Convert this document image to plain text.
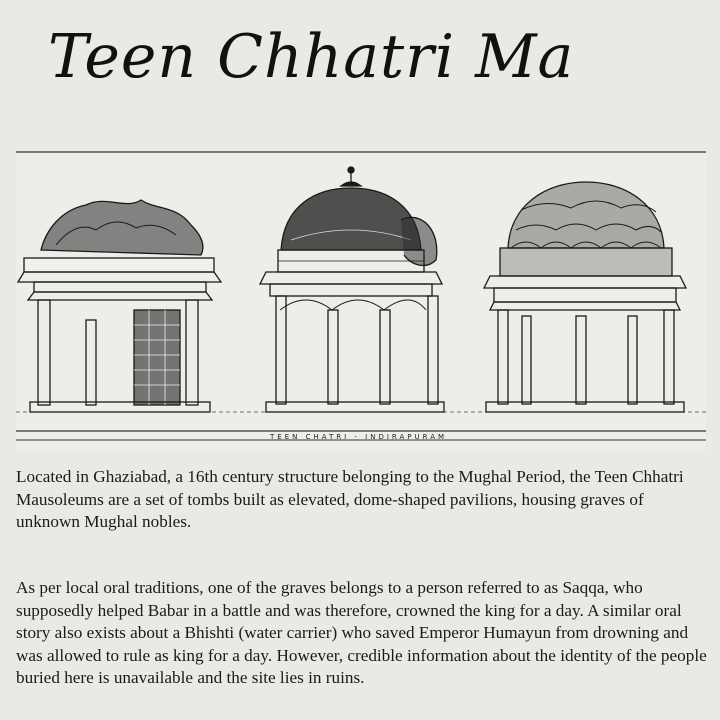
Teen Chhatri Ma
TEEN CHATRI - INDIRAPURAM

Located in Ghaziabad, a 16th century structure belonging to the Mughal Period, the Teen Chhatri Mausoleums are a set of tombs built as elevated, dome-shaped pavilions, housing graves of unknown Mughal nobles.

As per local oral traditions, one of the graves belongs to a person referred to as Saqqa, who supposedly helped Babar in a battle and was therefore, crowned the king for a day. A similar oral story also exists about a Bhishti (water carrier) who saved Emperor Humayun from drowning and was allowed to rule as king for a day. However, credible information about the identity of the people buried here is unavailable and the site lies in ruins.
